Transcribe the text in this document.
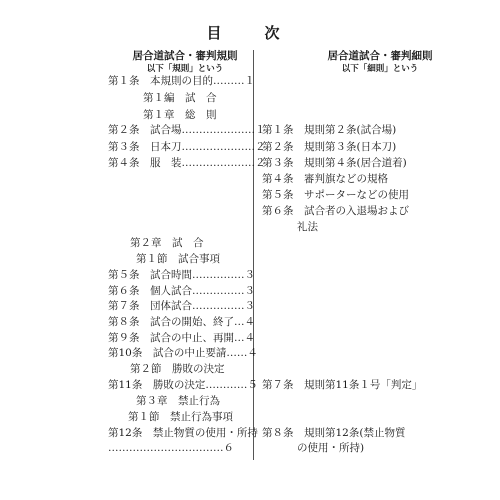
目　次
居合道試合・審判規則
以下「規則」という
居合道試合・審判細則
以下「細則」という
第１条　本規則の目的………１
第１編　試　合
第１章　総　則
第２条　試合場…………………１
第３条　日本刀…………………２
第４条　服　装…………………２
第２章　試　合
第１節　試合事項
第５条　試合時間……………３
第６条　個人試合……………３
第７条　団体試合……………３
第８条　試合の開始、終了…４
第９条　試合の中止、再開…４
第10条　試合の中止要請……４
第２節　勝敗の決定
第11条　勝敗の決定…………５
第３章　禁止行為
第１節　禁止行為事項
第12条　禁止物質の使用・所持
……………………………６
第１条　規則第２条(試合場)
第２条　規則第３条(日本刀)
第３条　規則第４条(居合道着)
第４条　審判旗などの規格
第５条　サポーターなどの使用
第６条　試合者の入退場および
礼法
第７条　規則第11条１号「判定」
第８条　規則第12条(禁止物質
の使用・所持)
